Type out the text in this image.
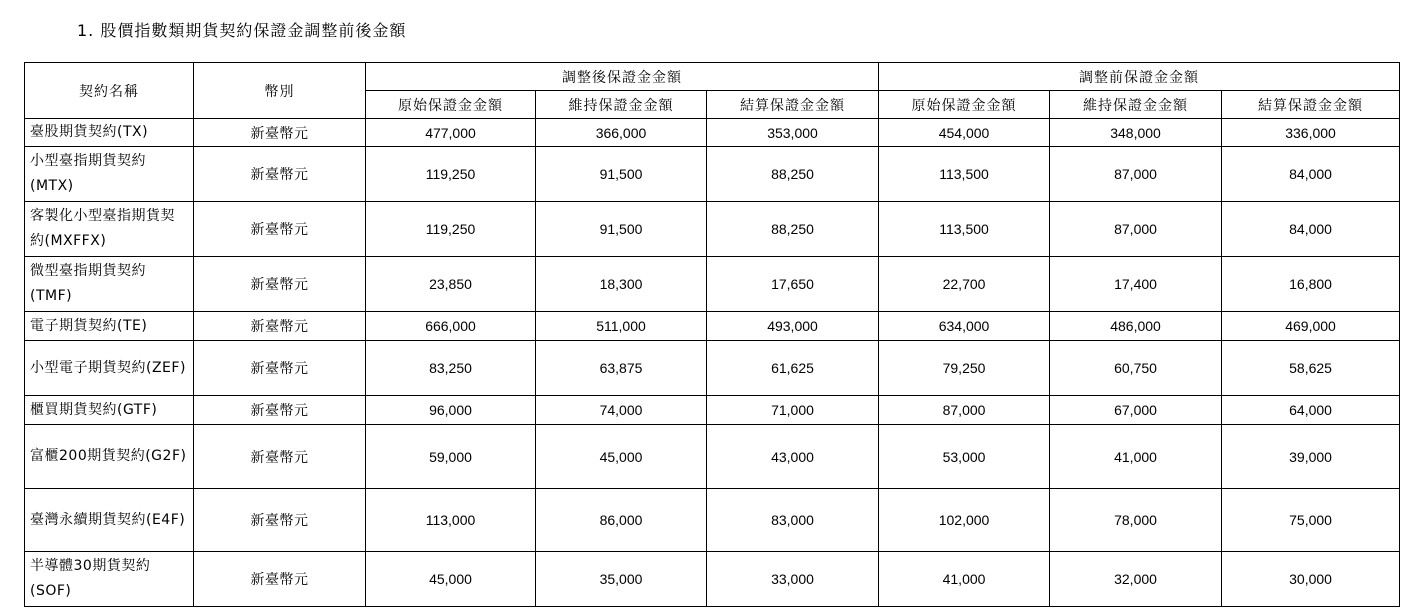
1. 股價指數類期貨契約保證金調整前後金額
契約名稱	幣別	調整後保證金金額			調整前保證金金額		
		原始保證金金額	維持保證金金額	結算保證金金額	原始保證金金額	維持保證金金額	結算保證金金額
臺股期貨契約(TX)	新臺幣元	477,000	366,000	353,000	454,000	348,000	336,000
小型臺指期貨契約(MTX)	新臺幣元	119,250	91,500	88,250	113,500	87,000	84,000
客製化小型臺指期貨契約(MXFFX)	新臺幣元	119,250	91,500	88,250	113,500	87,000	84,000
微型臺指期貨契約(TMF)	新臺幣元	23,850	18,300	17,650	22,700	17,400	16,800
電子期貨契約(TE)	新臺幣元	666,000	511,000	493,000	634,000	486,000	469,000
小型電子期貨契約(ZEF)	新臺幣元	83,250	63,875	61,625	79,250	60,750	58,625
櫃買期貨契約(GTF)	新臺幣元	96,000	74,000	71,000	87,000	67,000	64,000
富櫃200期貨契約(G2F)	新臺幣元	59,000	45,000	43,000	53,000	41,000	39,000
臺灣永續期貨契約(E4F)	新臺幣元	113,000	86,000	83,000	102,000	78,000	75,000
半導體30期貨契約(SOF)	新臺幣元	45,000	35,000	33,000	41,000	32,000	30,000
